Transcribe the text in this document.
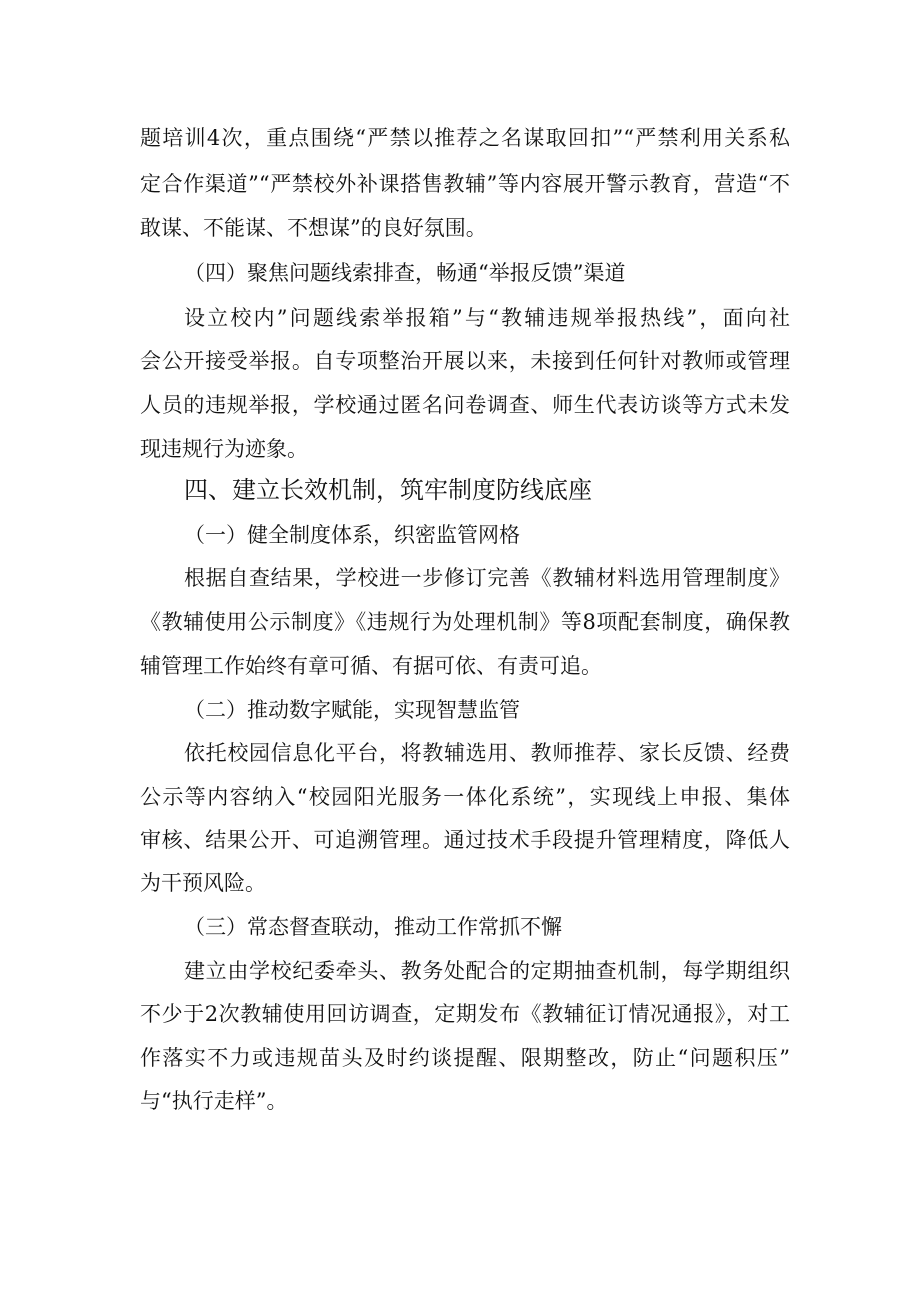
题培训4次，重点围绕“严禁以推荐之名谋取回扣”“严禁利用关系私
定合作渠道”“严禁校外补课搭售教辅”等内容展开警示教育，营造“不
敢谋、不能谋、不想谋”的良好氛围。
（四）聚焦问题线索排查，畅通“举报反馈”渠道
设立校内”问题线索举报箱”与“教辅违规举报热线”，面向社
会公开接受举报。自专项整治开展以来，未接到任何针对教师或管理
人员的违规举报，学校通过匿名问卷调查、师生代表访谈等方式未发
现违规行为迹象。
四、建立长效机制，筑牢制度防线底座
（一）健全制度体系，织密监管网格
根据自查结果，学校进一步修订完善《教辅材料选用管理制度》
《教辅使用公示制度》《违规行为处理机制》等8项配套制度，确保教
辅管理工作始终有章可循、有据可依、有责可追。
（二）推动数字赋能，实现智慧监管
依托校园信息化平台，将教辅选用、教师推荐、家长反馈、经费
公示等内容纳入“校园阳光服务一体化系统”，实现线上申报、集体
审核、结果公开、可追溯管理。通过技术手段提升管理精度，降低人
为干预风险。
（三）常态督查联动，推动工作常抓不懈
建立由学校纪委牵头、教务处配合的定期抽查机制，每学期组织
不少于2次教辅使用回访调查，定期发布《教辅征订情况通报》，对工
作落实不力或违规苗头及时约谈提醒、限期整改，防止“问题积压”
与“执行走样”。
